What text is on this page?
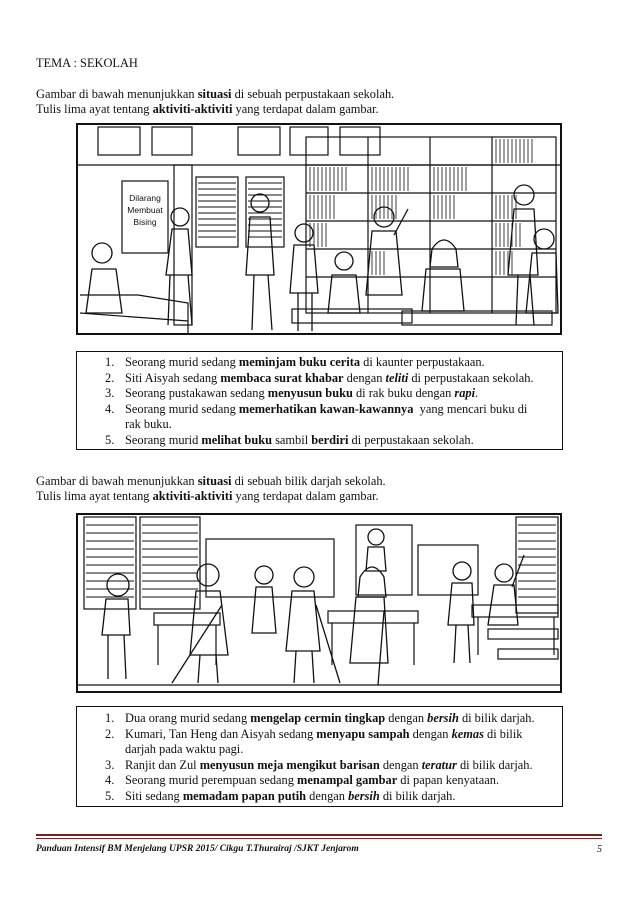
TEMA : SEKOLAH
Gambar di bawah menunjukkan situasi di sebuah perpustakaan sekolah.
Tulis lima ayat tentang aktiviti-aktiviti yang terdapat dalam gambar.
Dilarang
Membuat
Bising
1. Seorang murid sedang meminjam buku cerita di kaunter perpustakaan.
2. Siti Aisyah sedang membaca surat khabar dengan teliti di perpustakaan sekolah.
3. Seorang pustakawan sedang menyusun buku di rak buku dengan rapi.
4. Seorang murid sedang memerhatikan kawan-kawannya  yang mencari buku di
rak buku.
5. Seorang murid melihat buku sambil berdiri di perpustakaan sekolah.
Gambar di bawah menunjukkan situasi di sebuah bilik darjah sekolah.
Tulis lima ayat tentang aktiviti-aktiviti yang terdapat dalam gambar.
1. Dua orang murid sedang mengelap cermin tingkap dengan bersih di bilik darjah.
2. Kumari, Tan Heng dan Aisyah sedang menyapu sampah dengan kemas di bilik
darjah pada waktu pagi.
3. Ranjit dan Zul menyusun meja mengikut barisan dengan teratur di bilik darjah.
4. Seorang murid perempuan sedang menampal gambar di papan kenyataan.
5. Siti sedang memadam papan putih dengan bersih di bilik darjah.
Panduan Intensif BM Menjelang UPSR 2015/ Cikgu T.Thurairaj /SJKT Jenjarom	5
